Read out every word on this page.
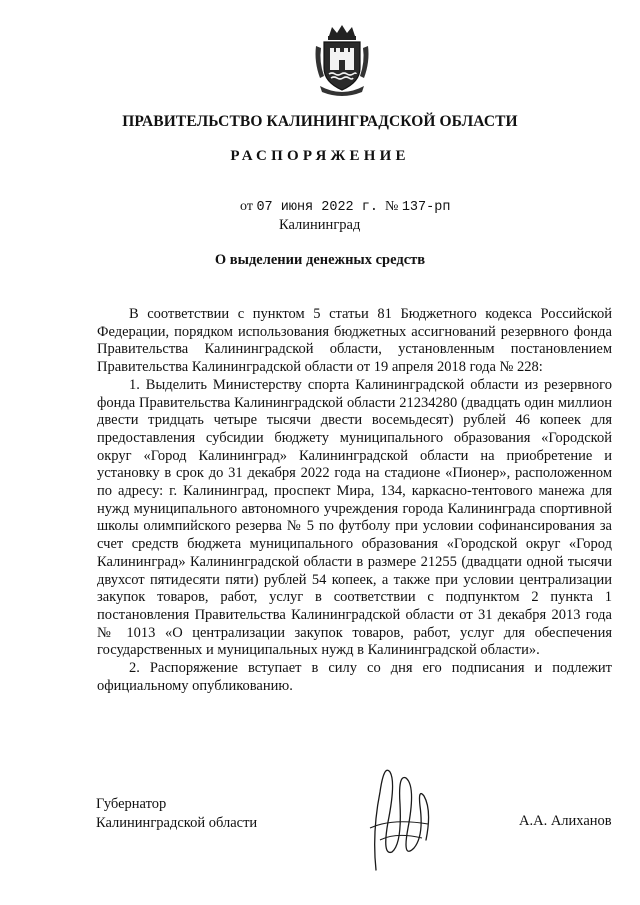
ПРАВИТЕЛЬСТВО КАЛИНИНГРАДСКОЙ ОБЛАСТИ
РАСПОРЯЖЕНИЕ
от 07 июня 2022 г. № 137-рп
Калининград
О выделении денежных средств

В соответствии с пунктом 5 статьи 81 Бюджетного кодекса Российской Федерации, порядком использования бюджетных ассигнований резервного фонда Правительства Калининградской области, установленным постановлением Правительства Калининградской области от 19 апреля 2018 года № 228:

1. Выделить Министерству спорта Калининградской области из резервного фонда Правительства Калининградской области 21234280 (двадцать один миллион двести тридцать четыре тысячи двести восемьдесят) рублей 46 копеек для предоставления субсидии бюджету муниципального образования «Городской округ «Город Калининград» Калининградской области на приобретение и установку в срок до 31 декабря 2022 года на стадионе «Пионер», расположенном по адресу: г. Калининград, проспект Мира, 134, каркасно-тентового манежа для нужд муниципального автономного учреждения города Калининграда спортивной школы олимпийского резерва № 5 по футболу при условии софинансирования за счет средств бюджета муниципального образования «Городской округ «Город Калининград» Калининградской области в размере 21255 (двадцати одной тысячи двухсот пятидесяти пяти) рублей 54 копеек, а также при условии централизации закупок товаров, работ, услуг в соответствии с подпунктом 2 пункта 1 постановления Правительства Калининградской области от 31 декабря 2013 года № 1013 «О централизации закупок товаров, работ, услуг для обеспечения государственных и муниципальных нужд в Калининградской области».

2. Распоряжение вступает в силу со дня его подписания и подлежит официальному опубликованию.

Губернатор
Калининградской области	А.А. Алиханов
